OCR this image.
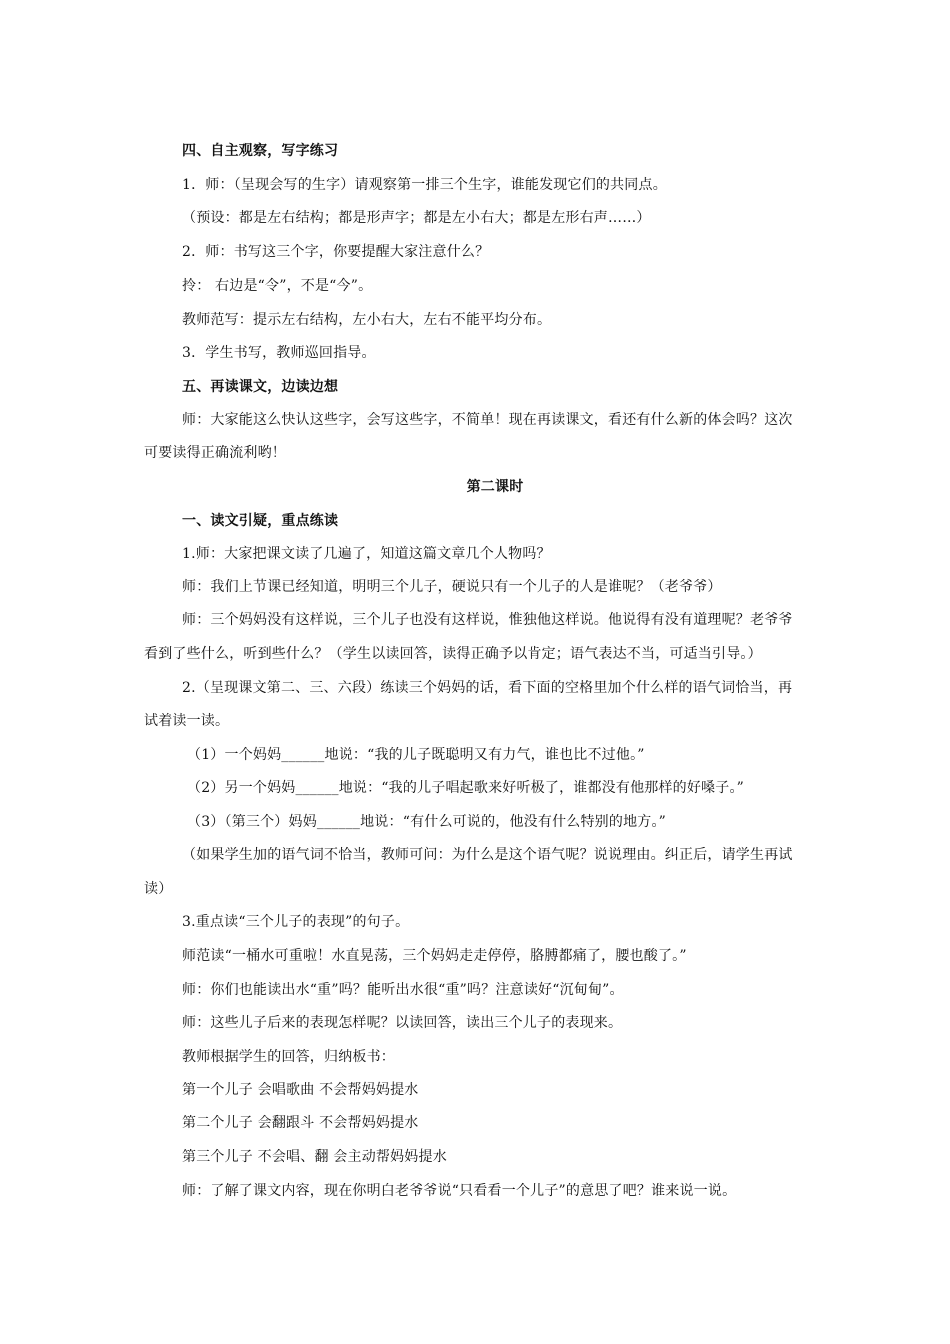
四、自主观察，写字练习
1．师：（呈现会写的生字）请观察第一排三个生字，谁能发现它们的共同点。
（预设：都是左右结构；都是形声字；都是左小右大；都是左形右声……）
2．师：书写这三个字，你要提醒大家注意什么？
拎： 右边是“令”，不是“今”。
教师范写：提示左右结构，左小右大，左右不能平均分布。
3．学生书写，教师巡回指导。
五、再读课文，边读边想
师：大家能这么快认这些字，会写这些字，不简单！现在再读课文，看还有什么新的体会吗？这次
可要读得正确流利哟！
第二课时
一、读文引疑，重点练读
1.师：大家把课文读了几遍了，知道这篇文章几个人物吗？
师：我们上节课已经知道，明明三个儿子，硬说只有一个儿子的人是谁呢？（老爷爷）
师：三个妈妈没有这样说，三个儿子也没有这样说，惟独他这样说。他说得有没有道理呢？老爷爷
看到了些什么，听到些什么？（学生以读回答，读得正确予以肯定；语气表达不当，可适当引导。）
2.（呈现课文第二、三、六段）练读三个妈妈的话，看下面的空格里加个什么样的语气词恰当，再
试着读一读。
（1）一个妈妈______地说：“我的儿子既聪明又有力气，谁也比不过他。”
（2）另一个妈妈______地说：“我的儿子唱起歌来好听极了，谁都没有他那样的好嗓子。”
（3）（第三个）妈妈______地说：“有什么可说的，他没有什么特别的地方。”
（如果学生加的语气词不恰当，教师可问：为什么是这个语气呢？说说理由。纠正后，请学生再试
读）
3.重点读“三个儿子的表现”的句子。
师范读“一桶水可重啦！水直晃荡，三个妈妈走走停停，胳膊都痛了，腰也酸了。”
师：你们也能读出水“重”吗？能听出水很“重”吗？注意读好“沉甸甸”。
师：这些儿子后来的表现怎样呢？以读回答，读出三个儿子的表现来。
教师根据学生的回答，归纳板书：
第一个儿子 会唱歌曲 不会帮妈妈提水
第二个儿子 会翻跟斗 不会帮妈妈提水
第三个儿子 不会唱、翻 会主动帮妈妈提水
师：了解了课文内容，现在你明白老爷爷说“只看看一个儿子”的意思了吧？谁来说一说。
